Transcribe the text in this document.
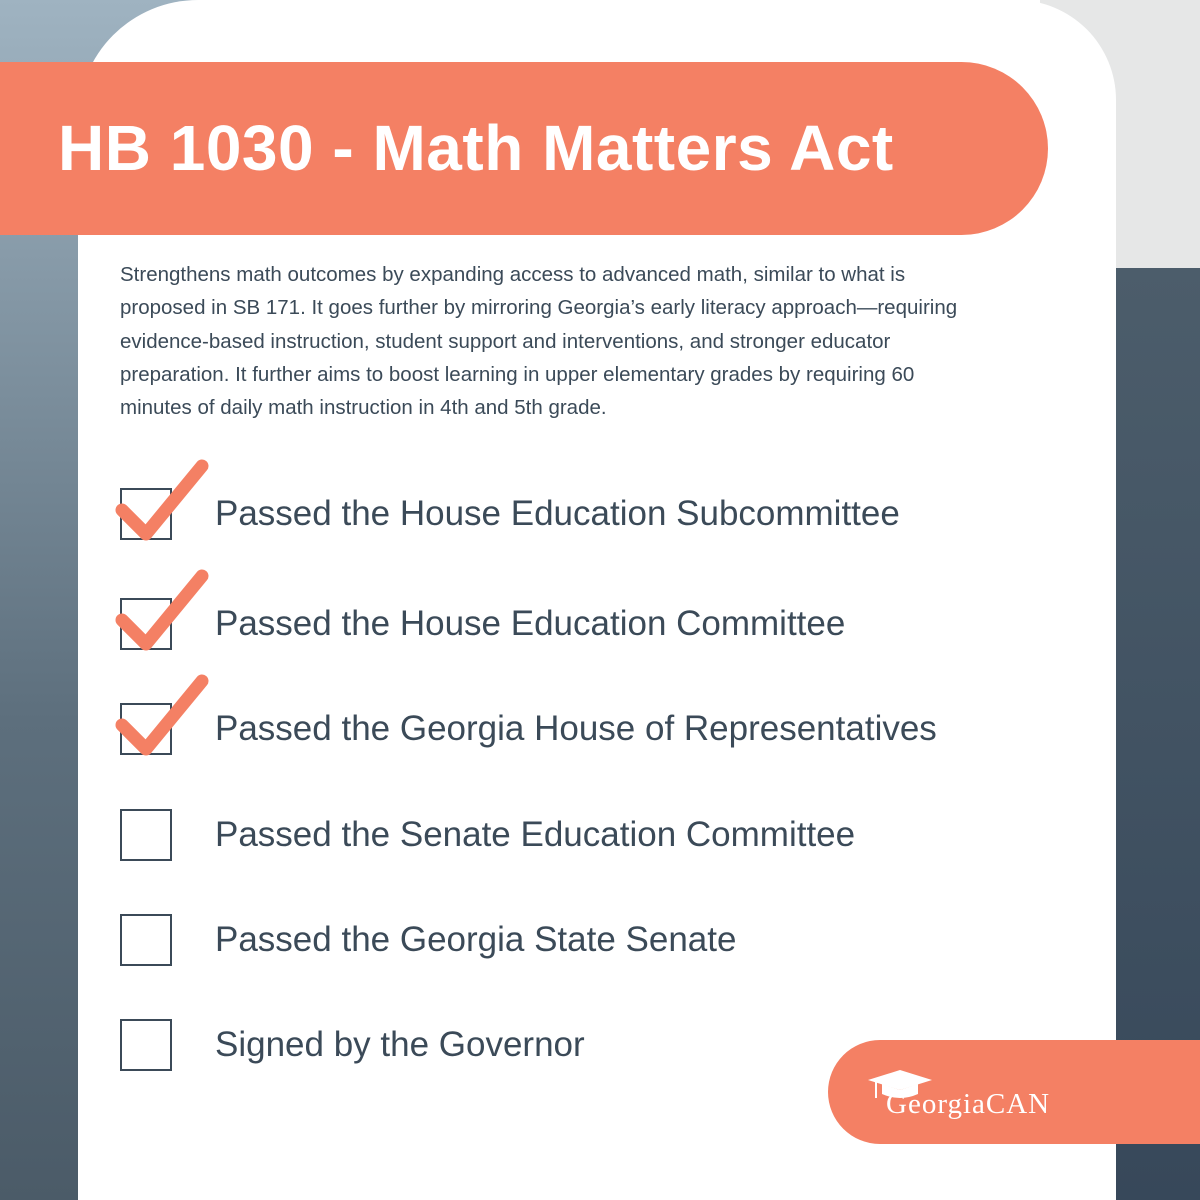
HB 1030 - Math Matters Act
Strengthens math outcomes by expanding access to advanced math, similar to what is proposed in SB 171. It goes further by mirroring Georgia’s early literacy approach—requiring evidence-based instruction, student support and interventions, and stronger educator preparation. It further aims to boost learning in upper elementary grades by requiring 60 minutes of daily math instruction in 4th and 5th grade.
Passed the House Education Subcommittee
Passed the House Education Committee
Passed the Georgia House of Representatives
Passed the Senate Education Committee
Passed the Georgia State Senate
Signed by the Governor
GeorgiaCAN
